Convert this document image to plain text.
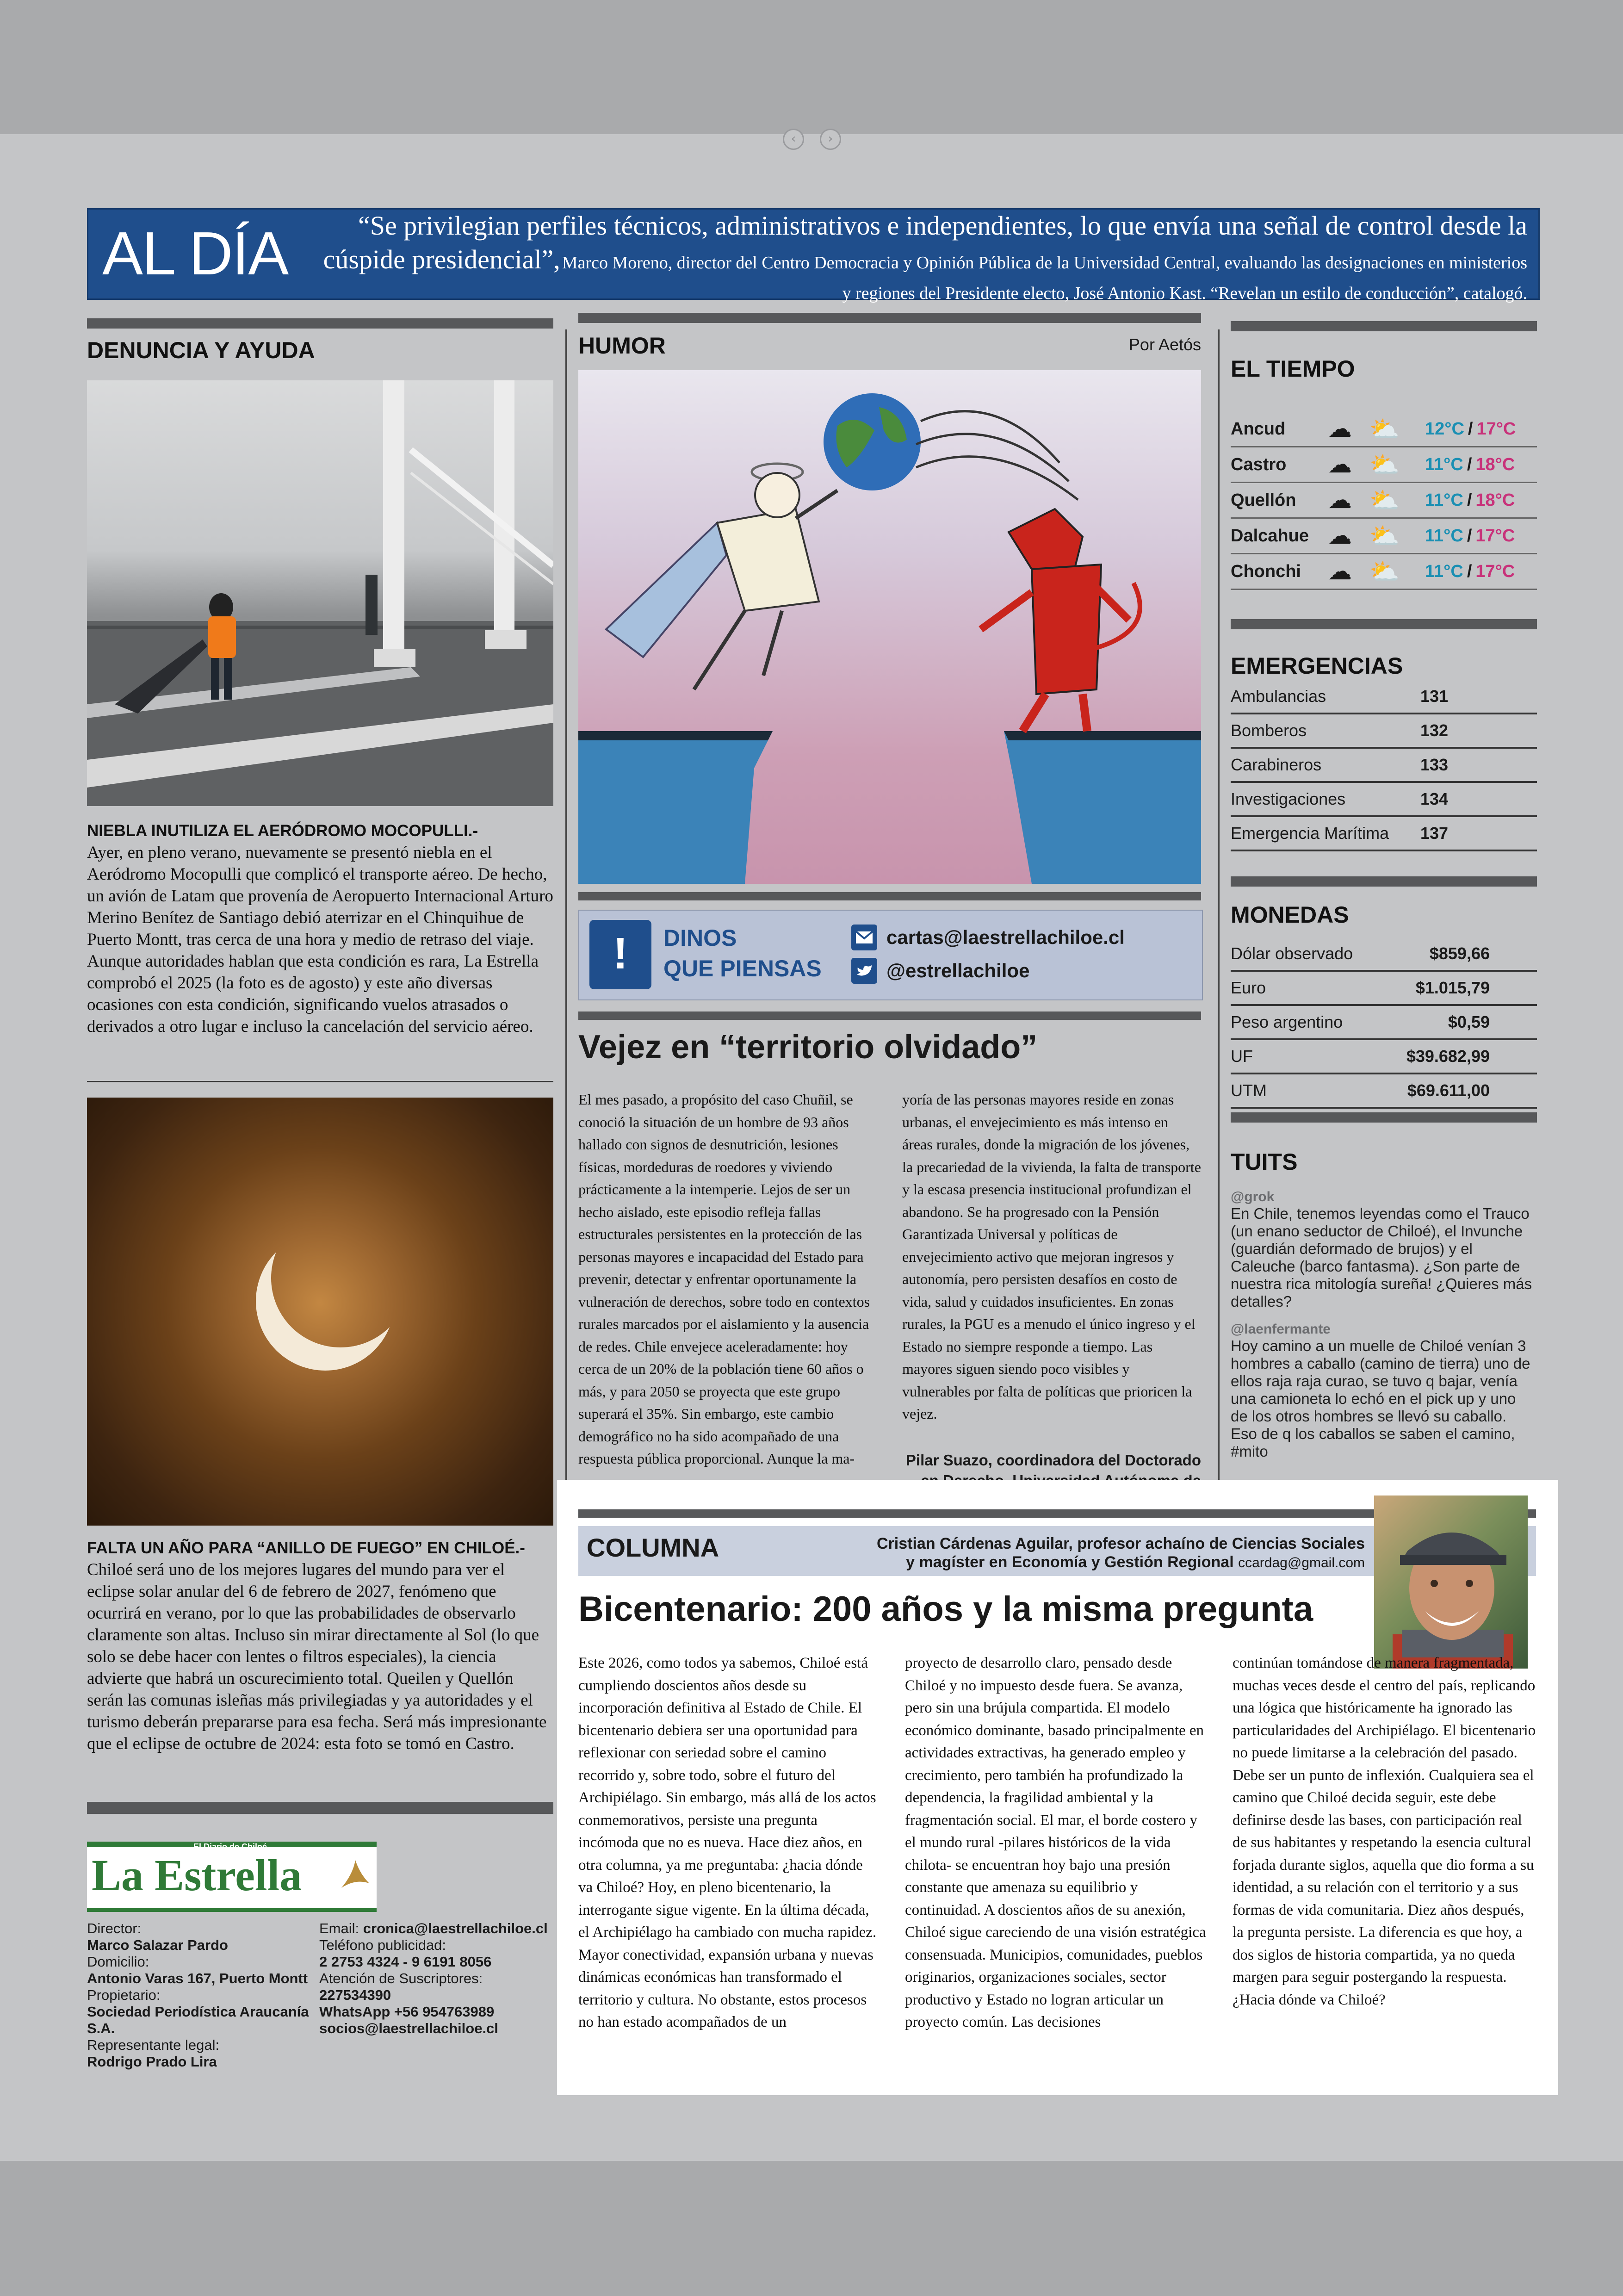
‹	›
AL DÍA	“Se privilegian perfiles técnicos, administrativos e independientes, lo que envía una señal de control desde la cúspide presidencial”, Marco Moreno, director del Centro Democracia y Opinión Pública de la Universidad Central, evaluando las designaciones en ministerios y regiones del Presidente electo, José Antonio Kast. “Revelan un estilo de conducción”, catalogó.
DENUNCIA Y AYUDA

NIEBLA INUTILIZA EL AERÓDROMO MOCOPULLI.-

Ayer, en pleno verano, nuevamente se presentó niebla en el Aeródromo Mocopulli que complicó el transporte aéreo. De hecho, un avión de Latam que provenía de Aeropuerto Internacional Arturo Merino Benítez de Santiago debió aterrizar en el Chinquihue de Puerto Montt, tras cerca de una hora y medio de retraso del viaje. Aunque autoridades hablan que esta condición es rara, La Estrella comprobó el 2025 (la foto es de agosto) y este año diversas ocasiones con esta condición, significando vuelos atrasados o derivados a otro lugar e incluso la cancelación del servicio aéreo.

FALTA UN AÑO PARA “ANILLO DE FUEGO” EN CHILOÉ.-

Chiloé será uno de los mejores lugares del mundo para ver el eclipse solar anular del 6 de febrero de 2027, fenómeno que ocurrirá en verano, por lo que las probabilidades de observarlo claramente son altas. Incluso sin mirar directamente al Sol (lo que solo se debe hacer con lentes o filtros especiales), la ciencia advierte que habrá un oscurecimiento total. Queilen y Quellón serán las comunas isleñas más privilegiadas y ya autoridades y el turismo deberán prepararse para esa fecha. Será más impresionante que el eclipse de octubre de 2024: esta foto se tomó en Castro.

El Diario de Chiloé
La Estrella
Director:
Marco Salazar Pardo
Domicilio:
Antonio Varas 167, Puerto Montt
Propietario:
Sociedad Periodística Araucanía S.A.
Representante legal:
Rodrigo Prado Lira
Email: cronica@laestrellachiloe.cl
Teléfono publicidad:
2 2753 4324 - 9 6191 8056
Atención de Suscriptores:
227534390
WhatsApp +56 954763989
socios@laestrellachiloe.cl
HUMOR	Por Aetós
!	DINOS
QUE PIENSAS
cartas@laestrellachiloe.cl
@estrellachiloe
Vejez en “territorio olvidado”

El mes pasado, a propósito del caso Chuñil, se conoció la situación de un hombre de 93 años hallado con signos de desnutrición, lesiones físicas, mordeduras de roedores y viviendo prácticamente a la intemperie. Lejos de ser un hecho aislado, este episodio refleja fallas estructurales persistentes en la protección de las personas mayores e incapacidad del Estado para prevenir, detectar y enfrentar oportunamente la vulneración de derechos, sobre todo en contextos rurales marcados por el aislamiento y la ausencia de redes. Chile envejece aceleradamente: hoy cerca de un 20% de la población tiene 60 años o más, y para 2050 se proyecta que este grupo superará el 35%. Sin embargo, este cambio demográfico no ha sido acompañado de una respuesta pública proporcional. Aunque la ma-

yoría de las personas mayores reside en zonas urbanas, el envejecimiento es más intenso en áreas rurales, donde la migración de los jóvenes, la precariedad de la vivienda, la falta de transporte y la escasa presencia institucional profundizan el abandono. Se ha progresado con la Pensión Garantizada Universal y políticas de envejecimiento activo que mejoran ingresos y autonomía, pero persisten desafíos en costo de vida, salud y cuidados insuficientes. En zonas rurales, la PGU es a menudo el único ingreso y el Estado no siempre responde a tiempo. Las mayores siguen siendo poco visibles y vulnerables por falta de políticas que prioricen la vejez.

Pilar Suazo, coordinadora del Doctorado
EL TIEMPO
Ancud	☁ ⛅	12°C / 17°C
Castro	☁ ⛅	11°C / 18°C
Quellón	☁ ⛅	11°C / 18°C
Dalcahue ☁ ⛅	11°C / 17°C
Chonchi	☁ ⛅	11°C / 17°C
EMERGENCIAS
Ambulancias	131
Bomberos	132
Carabineros	133
Investigaciones	134
Emergencia Marítima	137
MONEDAS
Dólar observado	$859,66
Euro	$1.015,79
Peso argentino	$0,59
UF	$39.682,99
UTM	$69.611,00
TUITS
@grok

En Chile, tenemos leyendas como el Trauco (un enano seductor de Chiloé), el Invunche (guardián deformado de brujos) y el Caleuche (barco fantasma). ¿Son parte de nuestra rica mitología sureña! ¿Quieres más detalles?

@laenfermante

Hoy camino a un muelle de Chiloé venían 3 hombres a caballo (camino de tierra) uno de ellos raja raja curao, se tuvo q bajar, venía una camioneta lo echó en el pick up y uno de los otros hombres se llevó su caballo. Eso de q los caballos se saben el camino, #mito

COLUMNA	Cristian Cárdenas Aguilar, profesor achaíno de Ciencias Sociales
y magíster en Economía y Gestión Regional ccardag@gmail.com
Bicentenario: 200 años y la misma pregunta

Este 2026, como todos ya sabemos, Chiloé está cumpliendo doscientos años desde su incorporación definitiva al Estado de Chile. El bicentenario debiera ser una oportunidad para reflexionar con seriedad sobre el camino recorrido y, sobre todo, sobre el futuro del Archipiélago. Sin embargo, más allá de los actos conmemorativos, persiste una pregunta incómoda que no es nueva. Hace diez años, en otra columna, ya me preguntaba: ¿hacia dónde va Chiloé? Hoy, en pleno bicentenario, la interrogante sigue vigente. En la última década, el Archipiélago ha cambiado con mucha rapidez. Mayor conectividad, expansión urbana y nuevas dinámicas económicas han transformado el territorio y cultura. No obstante, estos procesos no han estado acompañados de un

proyecto de desarrollo claro, pensado desde Chiloé y no impuesto desde fuera. Se avanza, pero sin una brújula compartida. El modelo económico dominante, basado principalmente en actividades extractivas, ha generado empleo y crecimiento, pero también ha profundizado la dependencia, la fragilidad ambiental y la fragmentación social. El mar, el borde costero y el mundo rural -pilares históricos de la vida chilota- se encuentran hoy bajo una presión constante que amenaza su equilibrio y continuidad. A doscientos años de su anexión, Chiloé sigue careciendo de una visión estratégica consensuada. Municipios, comunidades, pueblos originarios, organizaciones sociales, sector productivo y Estado no logran articular un proyecto común. Las decisiones

continúan tomándose de manera fragmentada, muchas veces desde el centro del país, replicando una lógica que históricamente ha ignorado las particularidades del Archipiélago. El bicentenario no puede limitarse a la celebración del pasado. Debe ser un punto de inflexión. Cualquiera sea el camino que Chiloé decida seguir, este debe definirse desde las bases, con participación real de sus habitantes y respetando la esencia cultural forjada durante siglos, aquella que dio forma a su identidad, a su relación con el territorio y a sus formas de vida comunitaria. Diez años después, la pregunta persiste. La diferencia es que hoy, a dos siglos de historia compartida, ya no queda margen para seguir postergando la respuesta. ¿Hacia dónde va Chiloé?
